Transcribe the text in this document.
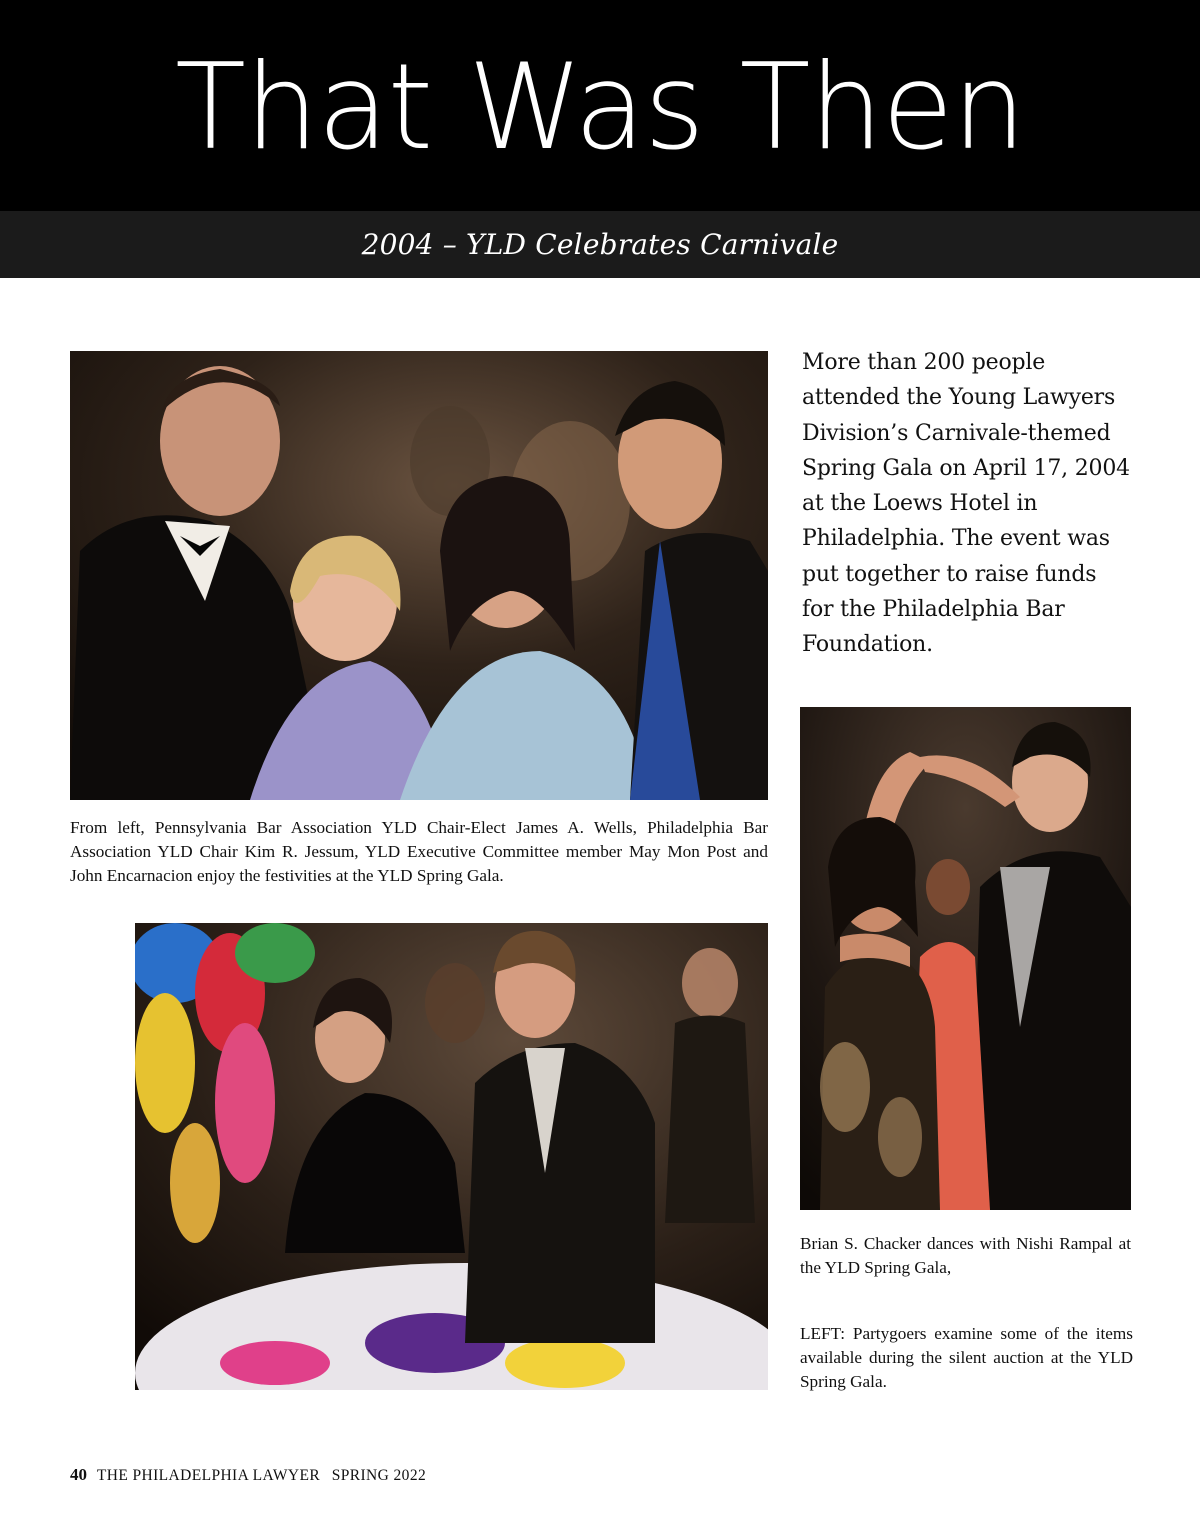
That Was Then
2004 – YLD Celebrates Carnivale

From left, Pennsylvania Bar Association YLD Chair-Elect James A. Wells, Philadelphia Bar Association YLD Chair Kim R. Jessum, YLD Executive Committee member May Mon Post and John Encarnacion enjoy the festivities at the YLD Spring Gala.

More than 200 people attended the Young Lawyers Division’s Carnivale-themed Spring Gala on April 17, 2004 at the Loews Hotel in Philadelphia. The event was put together to raise funds for the Philadelphia Bar Foundation.

Brian S. Chacker dances with Nishi Rampal at the YLD Spring Gala,

LEFT: Partygoers examine some of the items available during the silent auction at the YLD Spring Gala.

40 THE PHILADELPHIA LAWYER SPRING 2022
